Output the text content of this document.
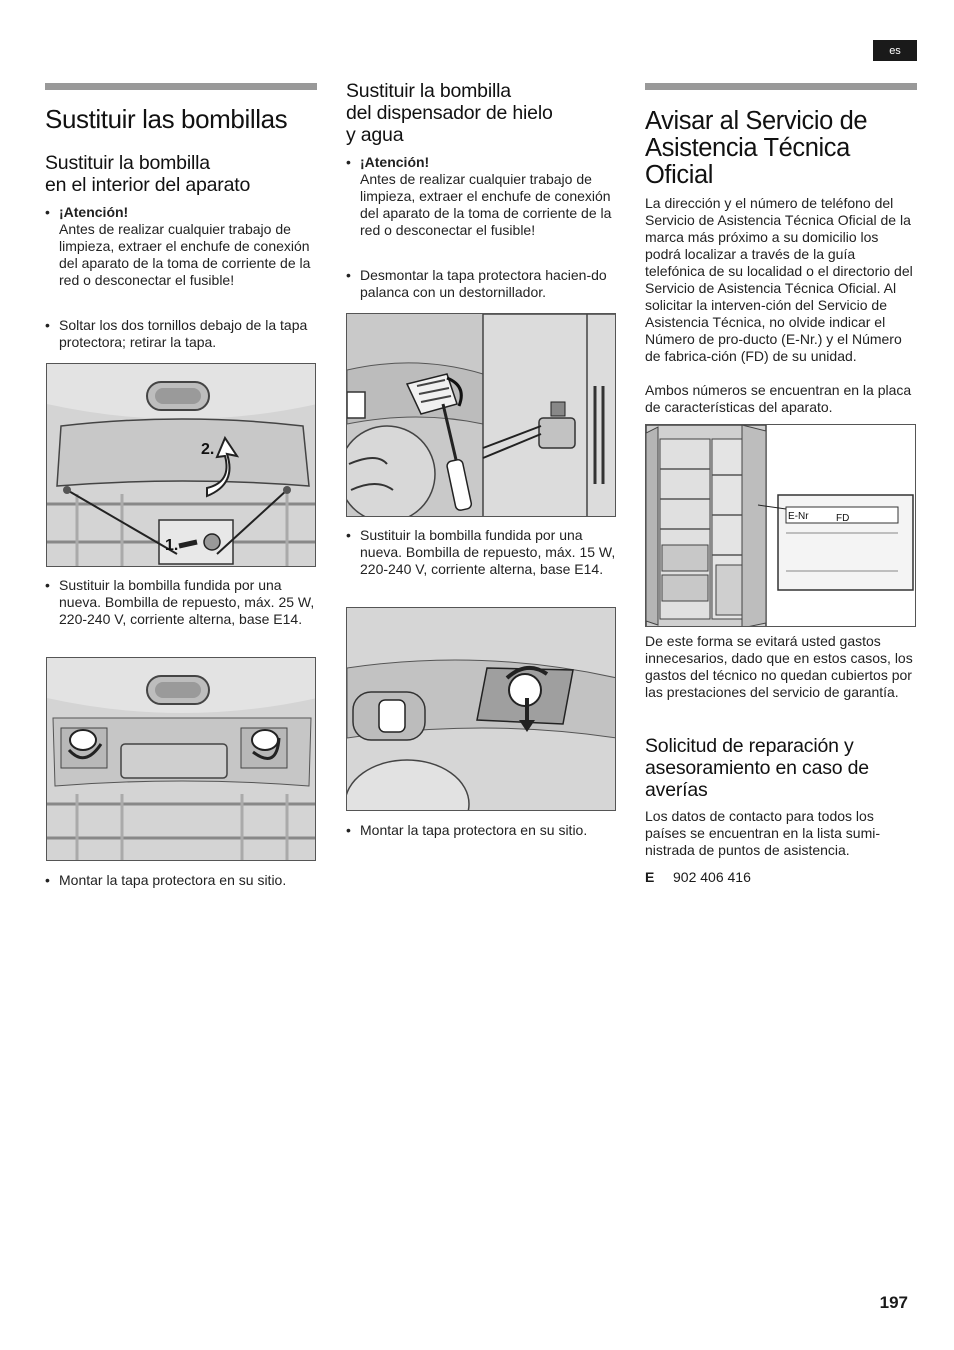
es
Sustituir las bombillas
Sustituir la bombilla
en el interior del aparato
• ¡Atención!
Antes de realizar cualquier trabajo de limpieza, extraer el enchufe de conexión del aparato de la toma de corriente de la red o desconectar el fusible!
• Soltar los dos tornillos debajo de la tapa protectora; retirar la tapa.
• Sustituir la bombilla fundida por una nueva. Bombilla de repuesto, máx. 25 W, 220-240 V, corriente alterna, base E14.
• Montar la tapa protectora en su sitio.
2.
1.
Sustituir la bombilla
del dispensador de hielo
y agua
• ¡Atención!
Antes de realizar cualquier trabajo de limpieza, extraer el enchufe de conexión del aparato de la toma de corriente de la red o desconectar el fusible!
• Desmontar la tapa protectora hacien-do palanca con un destornillador.
• Sustituir la bombilla fundida por una nueva. Bombilla de repuesto, máx. 15 W, 220-240 V, corriente alterna, base E14.
• Montar la tapa protectora en su sitio.
Avisar al Servicio de
Asistencia Técnica
Oficial

La dirección y el número de teléfono del Servicio de Asistencia Técnica Oficial de la marca más próximo a su domicilio los podrá localizar a través de la guía telefónica de su localidad o el directorio del Servicio de Asistencia Técnica Oficial. Al solicitar la interven-ción del Servicio de Asistencia Técnica, no olvide indicar el Número de pro-ducto (E-Nr.) y el Número de fabrica-ción (FD) de su unidad.

Ambos números se encuentran en la placa de características del aparato.

De este forma se evitará usted gastos innecesarios, dado que en estos casos, los gastos del técnico no quedan cubiertos por las prestaciones del servicio de garantía.

Solicitud de reparación y
asesoramiento en caso de
averías

Los datos de contacto para todos los países se encuentran en la lista sumi-nistrada de puntos de asistencia.

E 902 406 416
E-Nr	FD
197
